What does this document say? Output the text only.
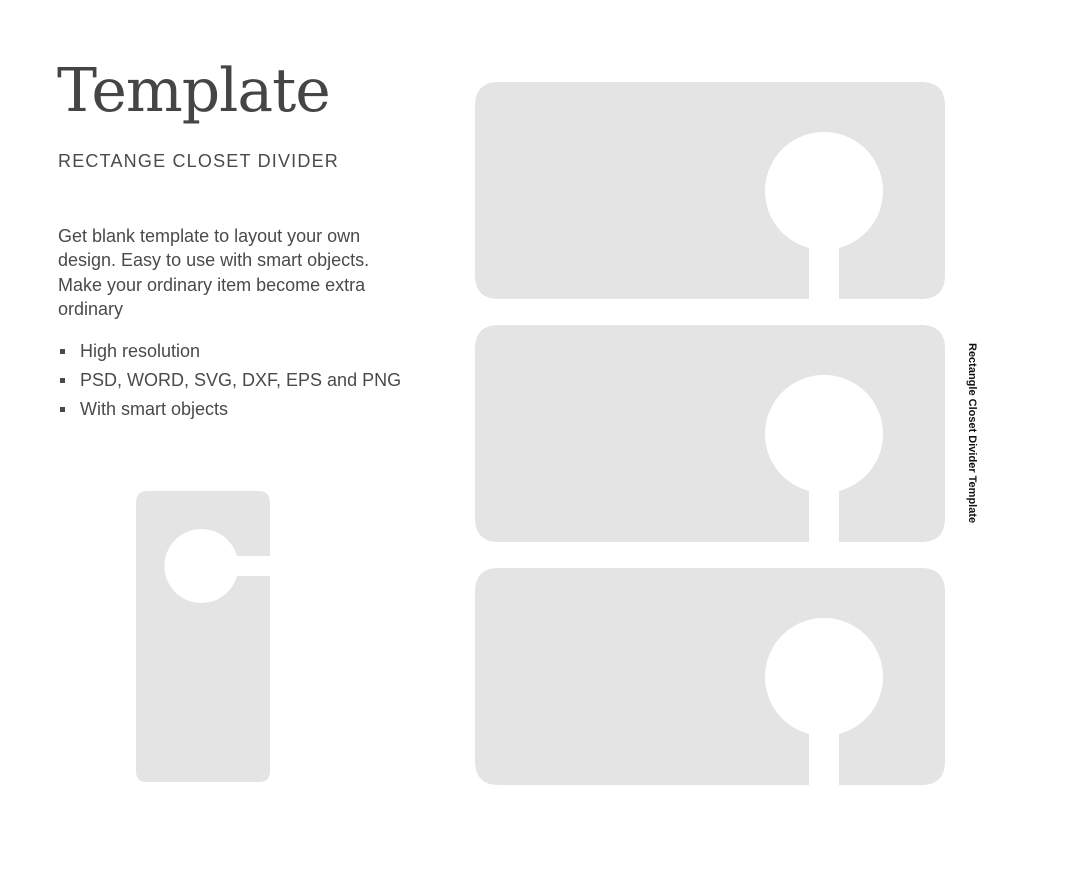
Template

RECTANGE CLOSET DIVIDER

Get blank template to layout your own design. Easy to use with smart objects. Make your ordinary item become extra ordinary

High resolution
PSD, WORD, SVG, DXF, EPS and PNG
With smart objects	Rectangle Closet Divider Template
